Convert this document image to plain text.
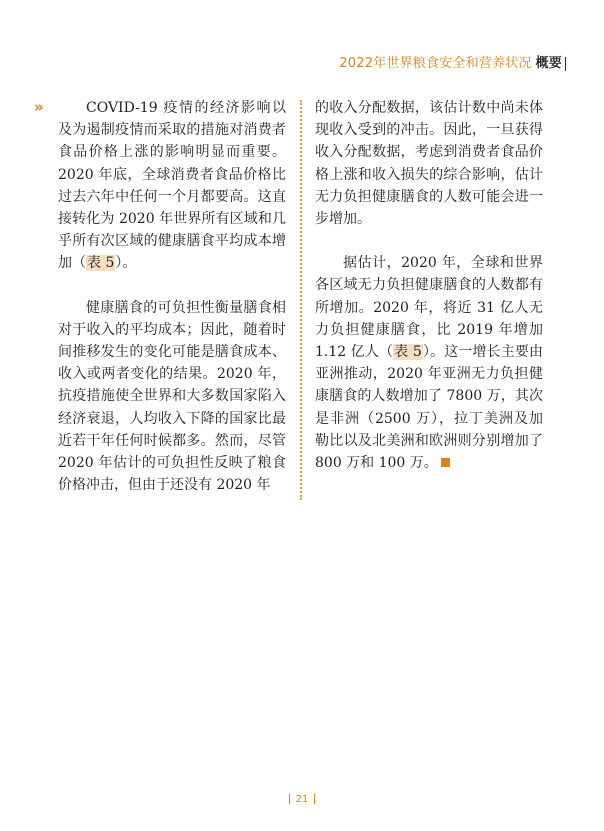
2022年世界粮食安全和营养状况 概要
»	COVID-19 疫情的经济影响以及为遏制疫情而采取的措施对消费者食品价格上涨的影响明显而重要。2020 年底，全球消费者食品价格比过去六年中任何一个月都要高。这直接转化为 2020 年世界所有区域和几乎所有次区域的健康膳食平均成本增加（表 5）。

健康膳食的可负担性衡量膳食相对于收入的平均成本；因此，随着时间推移发生的变化可能是膳食成本、收入或两者变化的结果。2020 年，抗疫措施使全世界和大多数国家陷入经济衰退，人均收入下降的国家比最近若干年任何时候都多。然而，尽管 2020 年估计的可负担性反映了粮食价格冲击，但由于还没有 2020 年

的收入分配数据，该估计数中尚未体现收入受到的冲击。因此，一旦获得收入分配数据，考虑到消费者食品价格上涨和收入损失的综合影响，估计无力负担健康膳食的人数可能会进一步增加。

据估计，2020 年，全球和世界各区域无力负担健康膳食的人数都有所增加。2020 年，将近 31 亿人无力负担健康膳食，比 2019 年增加 1.12 亿人（表 5）。这一增长主要由亚洲推动，2020 年亚洲无力负担健康膳食的人数增加了 7800 万，其次是非洲（2500 万），拉丁美洲及加勒比以及北美洲和欧洲则分别增加了 800 万和 100 万。

21
